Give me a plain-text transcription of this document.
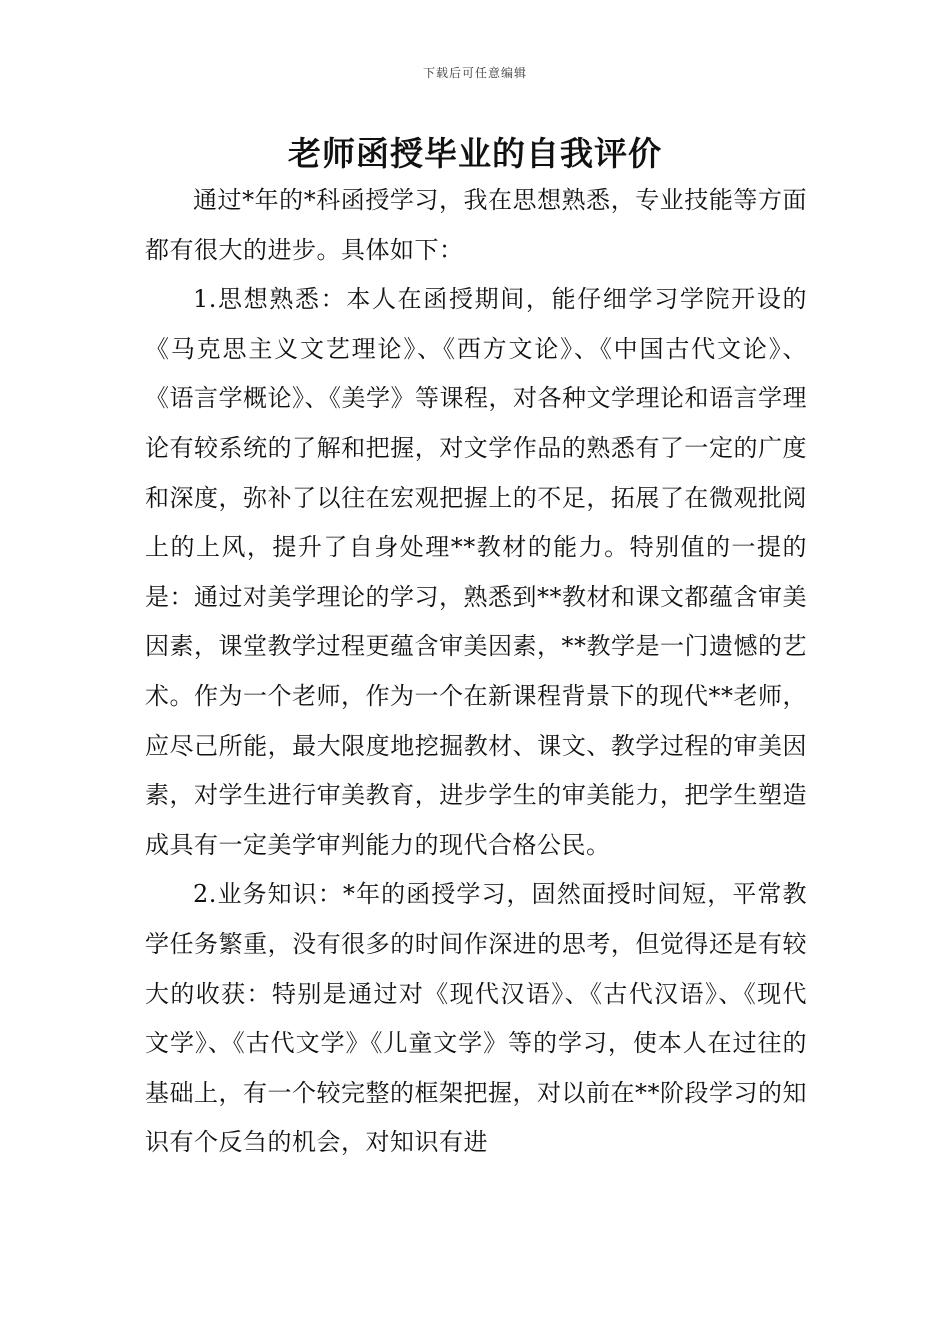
下载后可任意编辑
老师函授毕业的自我评价

通过*年的*科函授学习，我在思想熟悉，专业技能等方面都有很大的进步。具体如下：

1.思想熟悉：本人在函授期间，能仔细学习学院开设的《马克思主义文艺理论》、《西方文论》、《中国古代文论》、《语言学概论》、《美学》等课程，对各种文学理论和语言学理论有较系统的了解和把握，对文学作品的熟悉有了一定的广度和深度，弥补了以往在宏观把握上的不足，拓展了在微观批阅上的上风，提升了自身处理**教材的能力。特别值的一提的是：通过对美学理论的学习，熟悉到**教材和课文都蕴含审美因素，课堂教学过程更蕴含审美因素，**教学是一门遗憾的艺术。作为一个老师，作为一个在新课程背景下的现代**老师，应尽己所能，最大限度地挖掘教材、课文、教学过程的审美因素，对学生进行审美教育，进步学生的审美能力，把学生塑造成具有一定美学审判能力的现代合格公民。

2.业务知识：*年的函授学习，固然面授时间短，平常教学任务繁重，没有很多的时间作深进的思考，但觉得还是有较大的收获：特别是通过对《现代汉语》、《古代汉语》、《现代文学》、《古代文学》《儿童文学》等的学习，使本人在过往的基础上，有一个较完整的框架把握，对以前在**阶段学习的知识有个反刍的机会，对知识有进
